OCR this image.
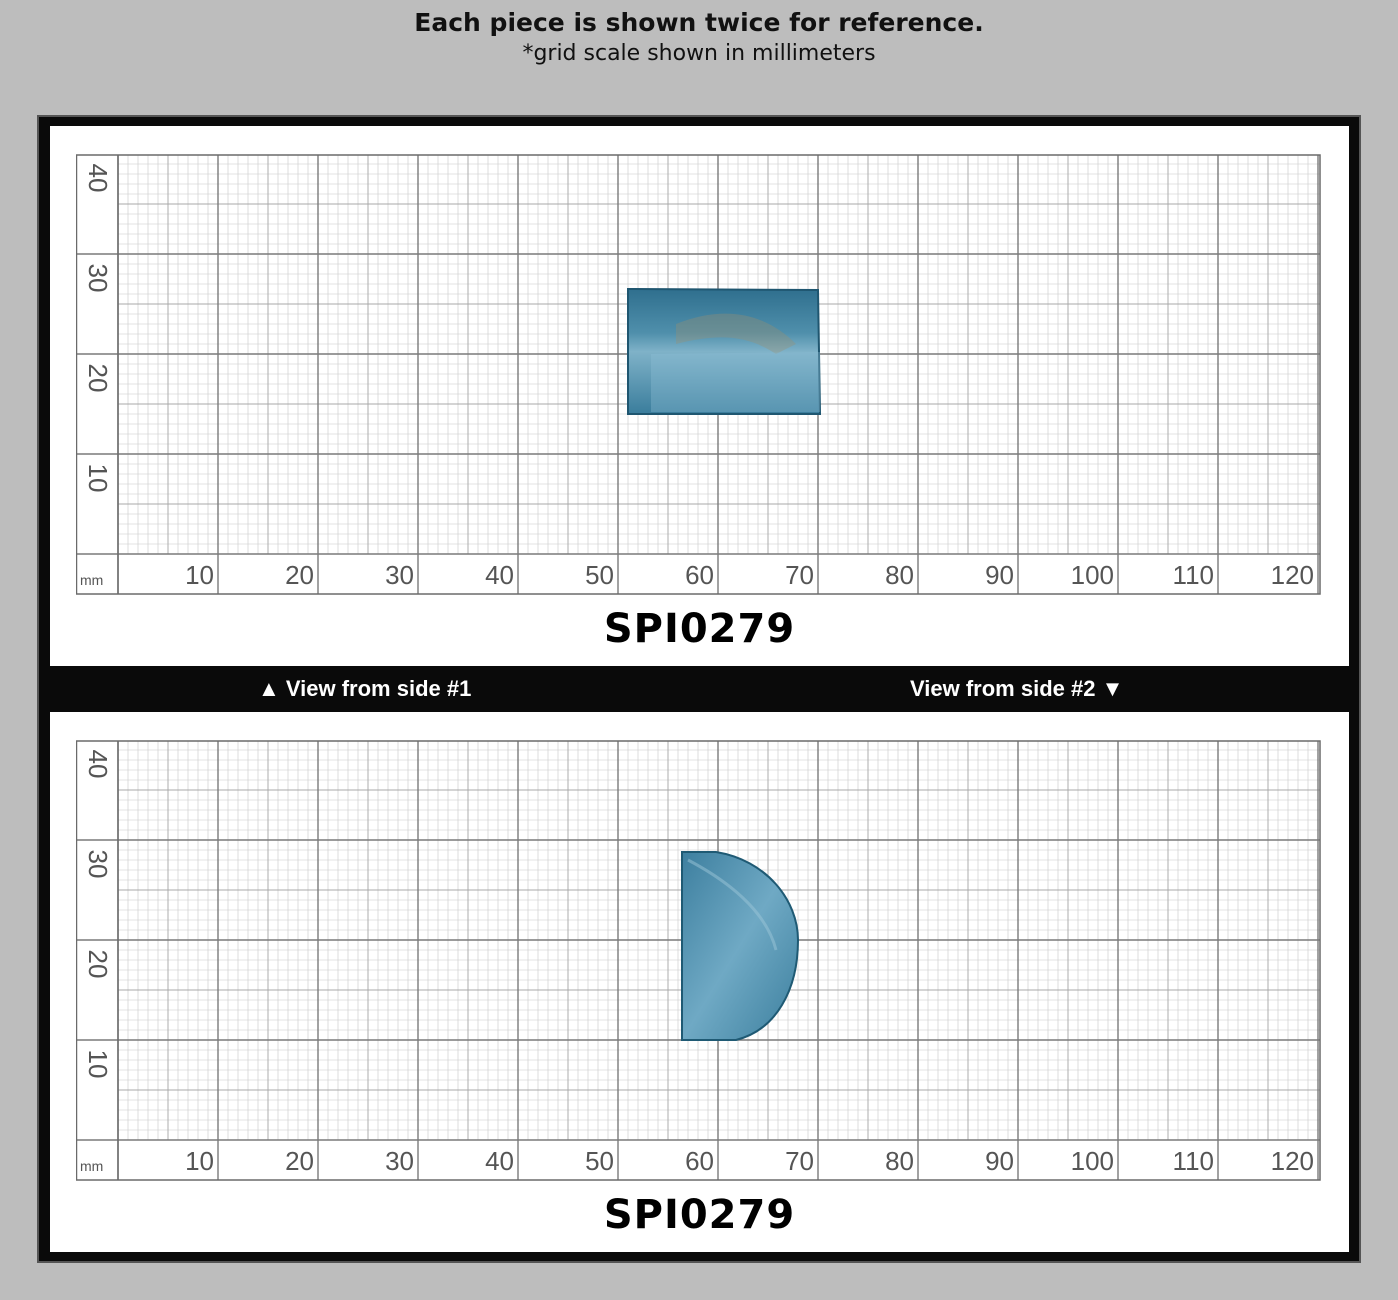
Each piece is shown twice for reference.
*grid scale shown in millimeters
mm	10	20	30	40	50	60	70	80	90 100 110 120
10
20
30
40
SPI0279
▲ View from side #1	View from side #2 ▼
mm	10	20	30	40	50	60	70	80	90 100 110 120
10
20
30
40
SPI0279
